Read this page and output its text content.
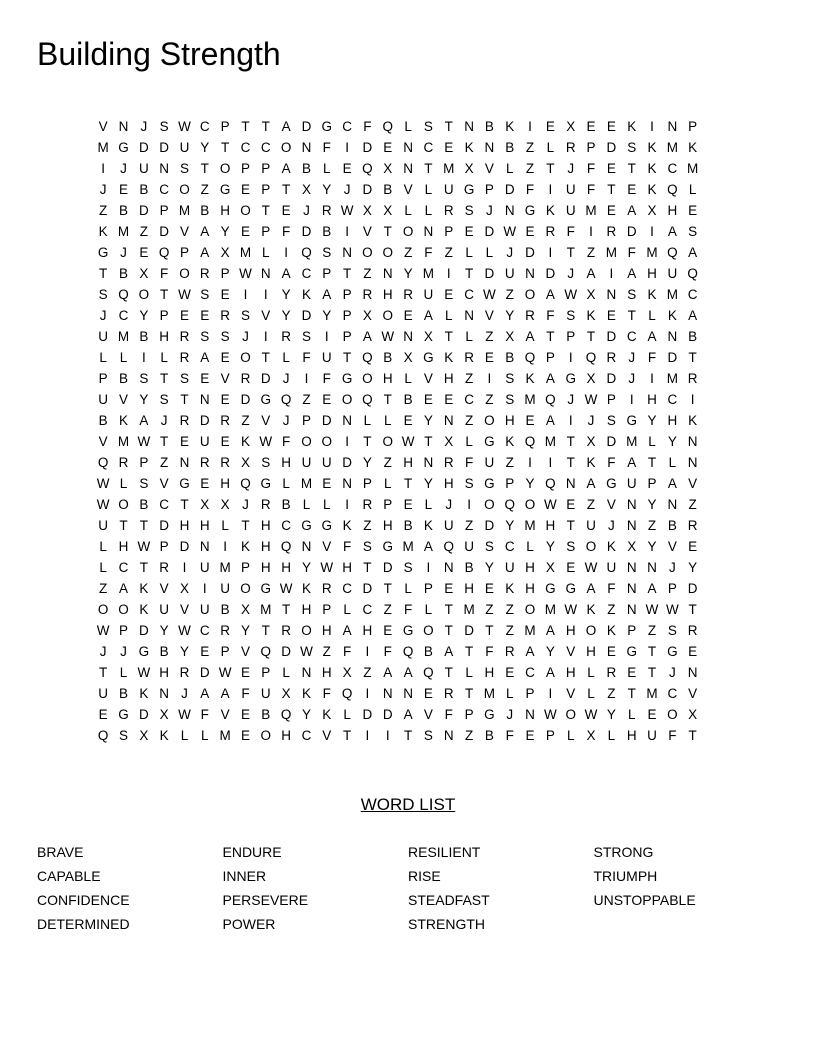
Building Strength
V N J S W C P T T A D G C F Q L S T N B K	I	E X E E K	I	N P
M G D D U Y T C C O N F	I	D E N C E K N B Z L R P D S K M K
I	J U N S T O P P A B L E Q X N T M X V L Z T J F E T K C M
J E B C O Z G E P T X Y J D B V L U G P D F	I	U F T E K Q L
Z B D P M B H O T E J R W X X L L R S J N G K U M E A X H E
K M Z D V A Y E P F D B	I	V T O N P E D W E R F	I	R D	I	A S
G J E Q P A X M L	I Q S N O O Z F Z L L J D	I	T Z M F M Q A
T B X F O R P W N A C P T Z N Y M I	T D U N D J A	I	A H U Q
S Q O T W S E	I	I	Y K A P R H R U E C W Z O A W X N S K M C
J C Y P E E R S V Y D Y P X O E A L N V Y R F S K E T L K A
U M B H R S S J	I	R S	I	P A W N X T L Z X A T P T D C A N B
L L	I	L R A E O T L F U T Q B X G K R E B Q P	I Q R J F D T
P B S T S E V R D J	I	F G O H L V H Z	I	S K A G X D J	I M R
U V Y S T N E D G Q Z E O Q T B E E C Z S M Q J W P	I	H C	I
B K A J R D R Z V J P D N L L E Y N Z O H E A	I	J S G Y H K
V M W T E U E K W F O O I	T O W T X L G K Q M T X D M L Y N
Q R P Z N R R X S H U U D Y Z H N R F U Z	I	I	T K F A T L N
W L S V G E H Q G L M E N P L T Y H S G P Y Q N A G U P A V
W O B C T X X J R B L L	I	R P E L J	I O Q O W E Z V N Y N Z
U T T D H H L T H C G G K Z H B K U Z D Y M H T U J N Z B R
L H W P D N	I	K H Q N V F S G M A Q U S C L Y S O K X Y V E
L C T R	I	U M P H H Y W H T D S	I	N B Y U H X E W U N N J Y
Z A K V X	I	U O G W K R C D T L P E H E K H G G A F N A P D
O O K U V U B X M T H P L C Z F L T M Z Z O M W K Z N W W T
W P D Y W C R Y T R O H A H E G O T D T Z M A H O K P Z S R
J	J G B Y E P V Q D W Z F	I	F Q B A T F R A Y V H E G T G E
T L W H R D W E P L N H X Z A A Q T L H E C A H L R E T J N
U B K N J A A F U X K F Q I	N N E R T M L P	I	V L Z T M C V
E G D X W F V E B Q Y K L D D A V F P G J N W O W Y L E O X
Q S X K L L M E O H C V T	I	I	T S N Z B F E P L X L H U F T
WORD LIST
BRAVE
CAPABLE
CONFIDENCE
DETERMINED
ENDURE
INNER
PERSEVERE
POWER
RESILIENT
RISE
STEADFAST
STRENGTH
STRONG
TRIUMPH
UNSTOPPABLE
